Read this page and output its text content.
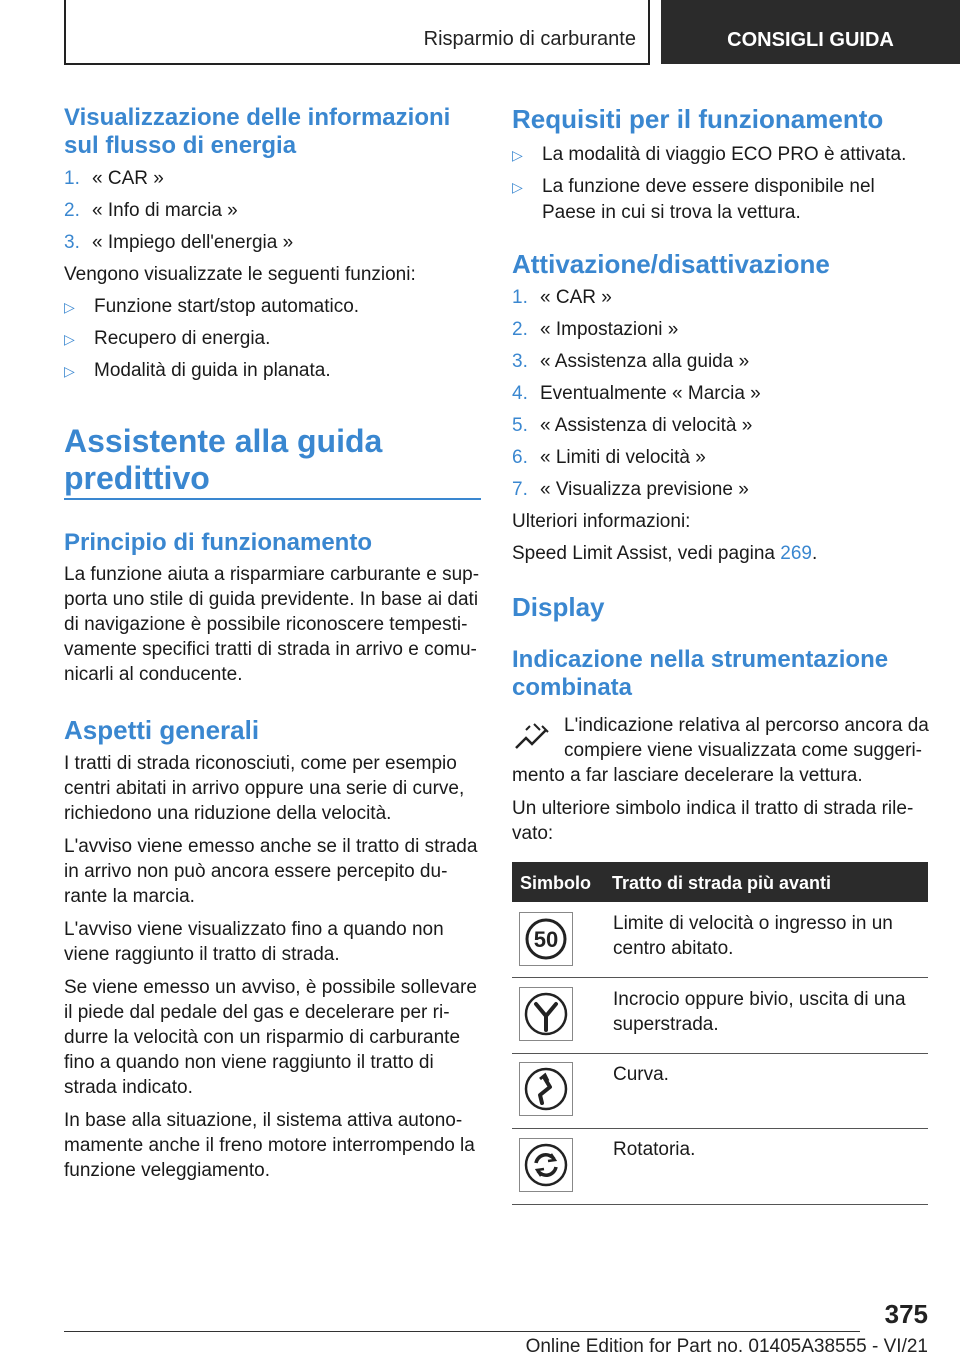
Risparmio di carburante	CONSIGLI GUIDA
Visualizzazione delle informazioni
sul flusso di energia
1. « CAR »
2. « Info di marcia »
3. « Impiego dell'energia »
Vengono visualizzate le seguenti funzioni:
▷ Funzione start/stop automatico.
▷ Recupero di energia.
▷ Modalità di guida in planata.
Assistente alla guida
predittivo
Principio di funzionamento
La funzione aiuta a risparmiare carburante e sup-
porta uno stile di guida previdente. In base ai dati
di navigazione è possibile riconoscere tempesti-
vamente specifici tratti di strada in arrivo e comu-
nicarli al conducente.
Aspetti generali
I tratti di strada riconosciuti, come per esempio
centri abitati in arrivo oppure una serie di curve,
richiedono una riduzione della velocità.
L'avviso viene emesso anche se il tratto di strada
in arrivo non può ancora essere percepito du-
rante la marcia.
L'avviso viene visualizzato fino a quando non
viene raggiunto il tratto di strada.
Se viene emesso un avviso, è possibile sollevare
il piede dal pedale del gas e decelerare per ri-
durre la velocità con un risparmio di carburante
fino a quando non viene raggiunto il tratto di
strada indicato.
In base alla situazione, il sistema attiva autono-
mamente anche il freno motore interrompendo la
funzione veleggiamento.
Requisiti per il funzionamento
▷ La modalità di viaggio ECO PRO è attivata.
▷ La funzione deve essere disponibile nel
Paese in cui si trova la vettura.
Attivazione/disattivazione
1. « CAR »
2. « Impostazioni »
3. « Assistenza alla guida »
4. Eventualmente « Marcia »
5. « Assistenza di velocità »
6. « Limiti di velocità »
7. « Visualizza previsione »
Ulteriori informazioni:
Speed Limit Assist, vedi pagina 269.
Display
Indicazione nella strumentazione
combinata
L'indicazione relativa al percorso ancora da
compiere viene visualizzata come suggeri-
mento a far lasciare decelerare la vettura.
Un ulteriore simbolo indica il tratto di strada rile-
vato:
Simbolo Tratto di strada più avanti
50
Limite di velocità o ingresso in un
centro abitato.
Incrocio oppure bivio, uscita di una
superstrada.
Curva.
Rotatoria.
375
Online Edition for Part no. 01405A38555 - VI/21
